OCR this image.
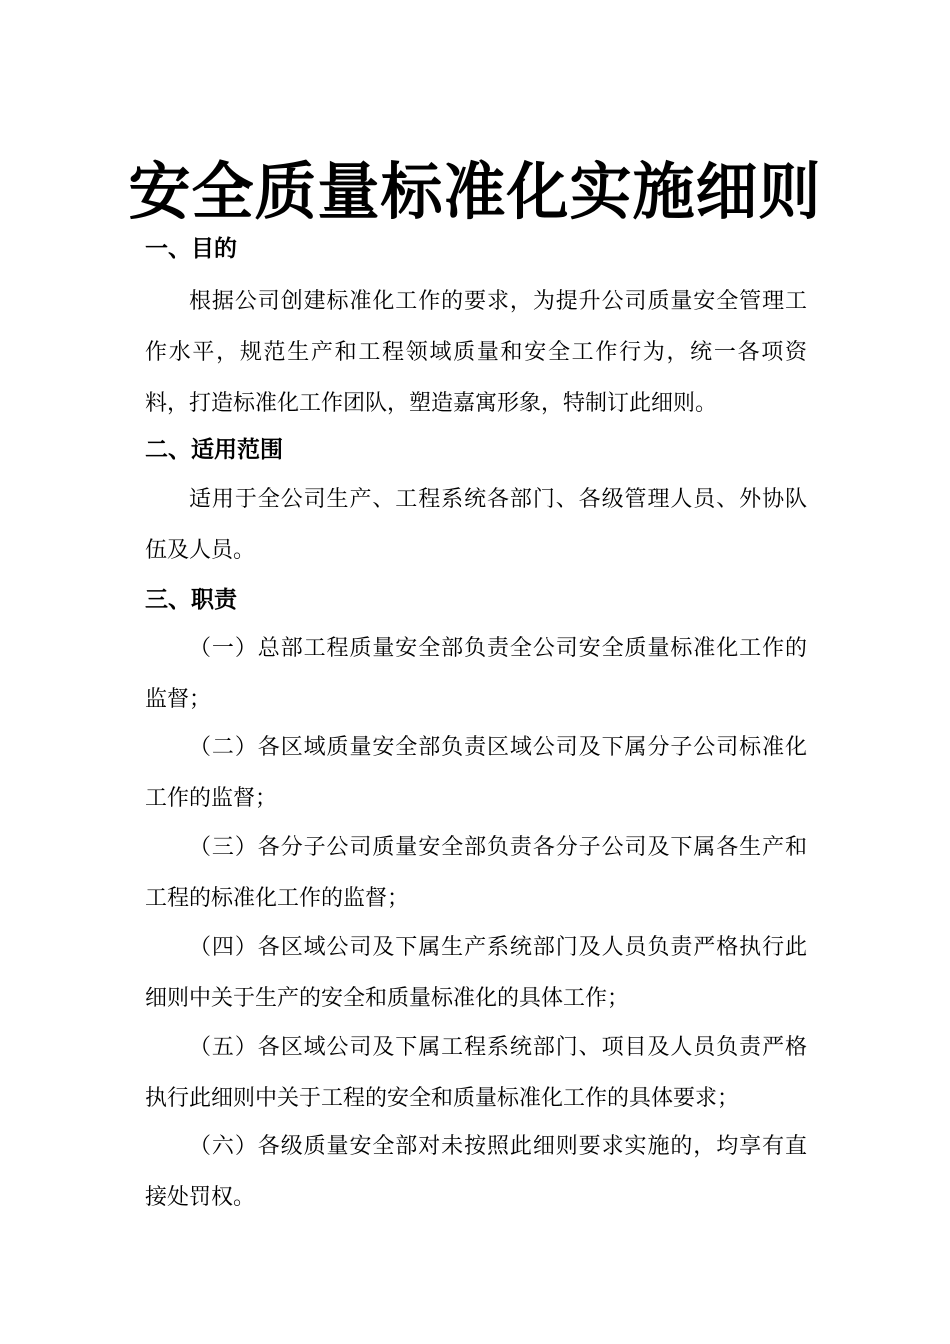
安全质量标准化实施细则
一、目的
根据公司创建标准化工作的要求，为提升公司质量安全管理工
作水平，规范生产和工程领域质量和安全工作行为，统一各项资
料，打造标准化工作团队，塑造嘉寓形象，特制订此细则。
二、适用范围
适用于全公司生产、工程系统各部门、各级管理人员、外协队
伍及人员。
三、职责
（一）总部工程质量安全部负责全公司安全质量标准化工作的
监督；
（二）各区域质量安全部负责区域公司及下属分子公司标准化
工作的监督；
（三）各分子公司质量安全部负责各分子公司及下属各生产和
工程的标准化工作的监督；
（四）各区域公司及下属生产系统部门及人员负责严格执行此
细则中关于生产的安全和质量标准化的具体工作；
（五）各区域公司及下属工程系统部门、项目及人员负责严格
执行此细则中关于工程的安全和质量标准化工作的具体要求；
（六）各级质量安全部对未按照此细则要求实施的，均享有直
接处罚权。
